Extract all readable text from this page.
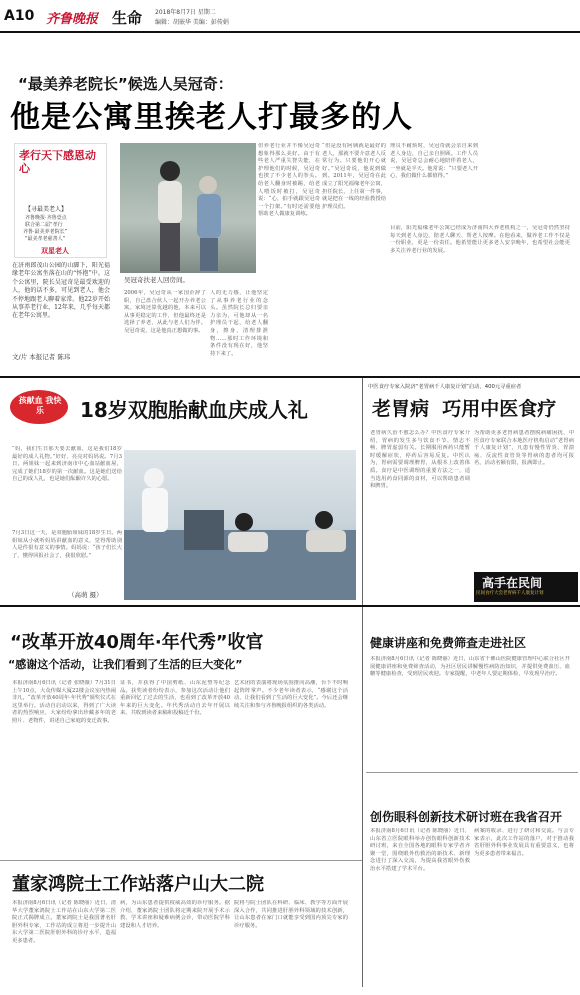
A10 齐鲁晚报 生命 2018年8月7日 星期二
编辑：胡嵌华 美编：彭传娟
“最美养老院长”候选人吴冠奇：
他是公寓里挨老人打最多的人
孝行天下感恩动心
【寻最美老人】
齐鲁晚报·齐鲁壹点
联合第二届“孝行
齐鲁·最美养老院长”
“最美孝老慈善人”
双星老人
在济南郎茂山公园的山脚下，阳光福缘老年公寓坐落在山的“怀抱”中。这个公寓里，院长吴冠奇是最受欢迎的人，他的话不多，可见到老人，他会不停地跟老人聊着家常。他22岁开始从事养老行业，12年来，几乎每天都在老年公寓里。
文/片 本报记者 陈玮
吴冠奇扶老人回房间。
2006年，吴冠奇从一家国企辞了职，自己盘合伙人一起开办养老公寓。家境还算优越的他，本来可以从事更稳定的工作，但他最终还是选择了养老，从此与老人们为伴。吴冠奇说，这是他真正想做的事。
人的无力感，让他坚定了从事养老行业的念头。虽然院长总归要亲力亲为，可他却从一名护理员干起，给老人翻身，擦身，清理排泄物……那时工作环境和条件没有现在好，他坚持下来了。
但养老行业并不像吴冠奇想象得那么美好。由于有些老人严重失智失能，在护理他们的时候，吴冠奇也挨了不少老人的拳头。给老人翻身时被踢，给老人喂饭时被打，吴冠奇说：“心，拍手就跟吴冠奇一个打架。”有时还需要他帮助老人做康复训练。
“但是没有阿姨就是最好的老人，那就不要介意老人反常行为。只要他们开心就好。”吴冠奇说，他说到做到。2011年，吴冠奇在此成立了阳光福缘老年公寓，担任院长，上任第一件事，就是把在一线的经验教授给护理员们。
理员不耐烦时，吴冠奇就会亲自来到老人身边，自己亲自照顾。工作人员说，吴冠奇总会耐心地陪伴着老人，一坐就是半天。他常说：“只要老人开心，我们做什么都值得。”
目前，阳光福缘老年公寓已经成为济南四大养老机构之一，吴冠奇仍然坚持每天到老人身边，陪老人聊天、帮老人按摩。在他看来，做养老工作不仅是一份职业，更是一份责任。他希望能让更多老人安享晚年，也希望社会能更多关注养老行业的发展。
孩献血 我快乐	18岁双胞胎献血庆成人礼
“妈，我们生日那天要去献血，这是我们18岁最好的成人礼物。”好好、亮亮对妈妈说。7月3日，两姐妹一起来到济南市中心血站献血屋，完成了她们18岁的第一次献血。这是她们送给自己的成人礼，也是她们酝酿许久的心愿。
7月3日这一天，是双胞胎姐妹的18岁生日。两姐妹从小就听妈妈讲献血的意义，觉得帮助别人是件很有意义的事情。妈妈说：“孩子们长大了，懂得回报社会了，我很欣慰。”
（高萌 摄）
中医食疗专家入院济“老胃病千人康复计划”启动，400元寻重症者
老胃病  巧用中医食疗
老胃病久治不愈怎么办？中医食疗专家介绍，胃病的发生多与饮食不节、情志不畅、脾胃虚弱有关。长期服用西药只能暂时缓解症状，停药后容易反复。中医认为，胃病需要调理脾胃，从根本上改善体质。食疗是中医调理的重要方法之一，适当选用药食同源的食材，可以帮助患者调和脾胃。
为帮助更多老胃病患者摆脱病痛困扰，中医食疗专家联合本地医疗机构启动“老胃病千人康复计划”，凡患有慢性胃炎、胃溃疡、反流性食管炎等胃病的患者均可报名，活动名额有限，报满即止。
高手在民间
民间食疗大会老胃病千人康复计划
“改革开放40周年·年代秀”收官
“感谢这个活动，让我们看到了生活的巨大变化”
本报济南8月6日讯（记者 张晓薇）7月31日上午10点，大众传媒大厦22楼会议室内热闹非凡，“改革开放40周年·年代秀”颁奖仪式在这里举行。活动自启动以来，得到了广大读者的热烈响应，大家纷纷拿出珍藏多年的老照片、老物件，讲述自己家庭的变迁故事。
证书，并获得了中国剪纸、山东泥塑等纪念品。获奖读者纷纷表示，参加这次活动让他们重新回忆了过去的生活，也看到了改革开放40年来的巨大变化。年代秀活动自去年开展以来，共收到读者来稿和投稿近千份。
艺术团的表演将现场氛围推向高潮，台下不时响起阵阵掌声。不少老年读者表示，“感谢这个活动，让我们看到了生活的巨大变化”。今后还会继续关注和参与齐鲁晚报组织的各类活动。
健康讲座和免费筛查走进社区
本报济南8月6日讯（记者 陈晓丽）近日，山东省千佛山医院健康管理中心联合社区开展健康讲座和免费筛查活动，为社区居民讲解慢性病防治知识，并提供免费血压、血糖等健康检查，受到居民欢迎。专家提醒，中老年人要定期体检，早发现早治疗。
创伤眼科创新技术研讨班在我省召开
本报济南8月6日讯（记者 陈晓丽）近日，山东省立医院眼科举办创伤眼科创新技术研讨班，来自全国各地的眼科专家学者齐聚一堂，围绕眼外伤救治的新技术、新理念进行了深入交流，为提高我省眼外伤救治水平搭建了学术平台。
董家鸿院士工作站落户山大二院
本报济南8月6日讯（记者 陈晓丽）近日，清华大学董家鸿院士工作站在山东大学第二医院正式揭牌成立。董家鸿院士是我国著名肝胆外科专家，工作站的成立将进一步提升山东大学第二医院肝胆外科的诊疗水平，造福更多患者。
病，为山东患者提供权威高效的诊疗服务。据介绍，董家鸿院士团队将定期来院开展手术示教、学术讲座和疑难病例会诊，带动医院学科建设和人才培养。
院将与院士团队在科研、临床、教学等方面开展深入合作，共同推进肝胆外科领域的技术创新，让山东患者在家门口就能享受到国内顶尖专家的诊疗服务。
病案的收录、进行了研讨和交流。与会专家表示，此次工作站的落户，对于推动我省肝胆外科事业发展具有重要意义，也将为更多患者带来福音。
